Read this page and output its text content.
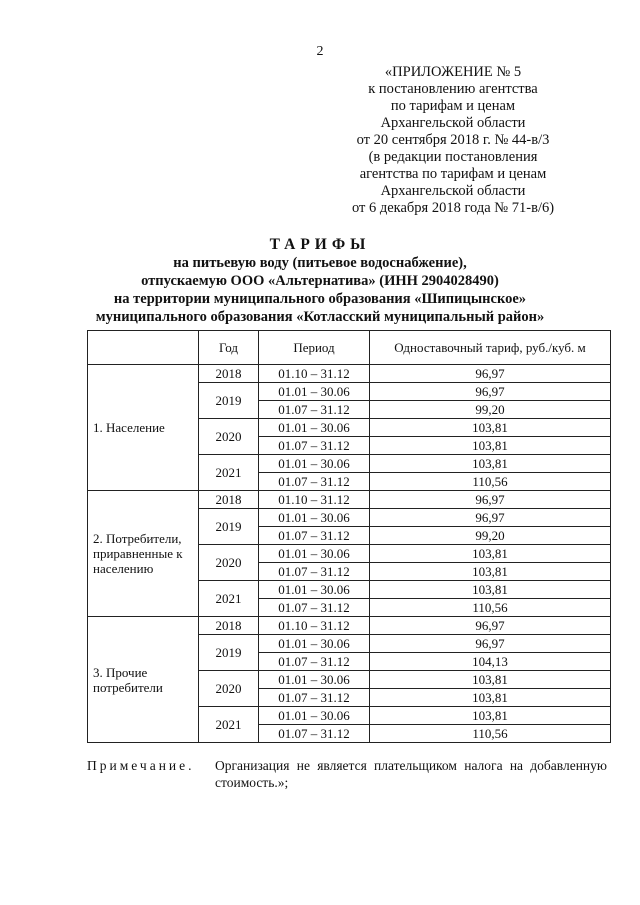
2
«ПРИЛОЖЕНИЕ № 5
к постановлению агентства
по тарифам и ценам
Архангельской области
от 20 сентября 2018 г. № 44-в/3
(в редакции постановления
агентства по тарифам и ценам
Архангельской области
от 6 декабря 2018 года № 71-в/6)
ТАРИФЫ
на питьевую воду (питьевое водоснабжение),
отпускаемую ООО «Альтернатива» (ИНН 2904028490)
на территории муниципального образования «Шипицынское»
муниципального образования «Котласский муниципальный район»
	Год	Период	Одноставочный тариф, руб./куб. м
1. Население	2018	01.10 – 31.12	96,97
	2019	01.01 – 30.06	96,97
		01.07 – 31.12	99,20
	2020	01.01 – 30.06	103,81
		01.07 – 31.12	103,81
	2021	01.01 – 30.06	103,81
		01.07 – 31.12	110,56
2. Потребители, приравненные к населению	2018	01.10 – 31.12	96,97
	2019	01.01 – 30.06	96,97
		01.07 – 31.12	99,20
	2020	01.01 – 30.06	103,81
		01.07 – 31.12	103,81
	2021	01.01 – 30.06	103,81
		01.07 – 31.12	110,56
3. Прочие потребители	2018	01.10 – 31.12	96,97
	2019	01.01 – 30.06	96,97
		01.07 – 31.12	104,13
	2020	01.01 – 30.06	103,81
		01.07 – 31.12	103,81
	2021	01.01 – 30.06	103,81
		01.07 – 31.12	110,56
Примечание. Организация не является плательщиком налога на добавленную стоимость.»;
